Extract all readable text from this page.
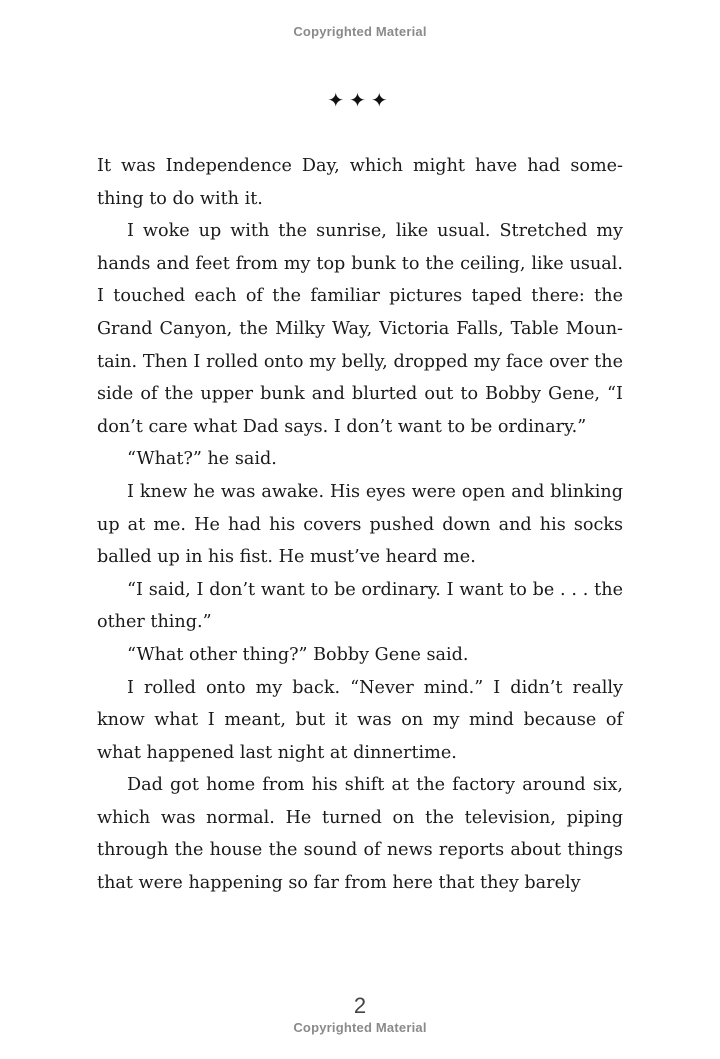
Copyrighted Material
✦✦✦

It was Independence Day, which might have had something to do with it.

I woke up with the sunrise, like usual. Stretched my hands and feet from my top bunk to the ceiling, like usual. I touched each of the familiar pictures taped there: the Grand Canyon, the Milky Way, Victoria Falls, Table Mountain. Then I rolled onto my belly, dropped my face over the side of the upper bunk and blurted out to Bobby Gene, “I don’t care what Dad says. I don’t want to be ordinary.”

“What?” he said.

I knew he was awake. His eyes were open and blinking up at me. He had his covers pushed down and his socks balled up in his fist. He must’ve heard me.

“I said, I don’t want to be ordinary. I want to be . . . the other thing.”

“What other thing?” Bobby Gene said.

I rolled onto my back. “Never mind.” I didn’t really know what I meant, but it was on my mind because of what happened last night at dinnertime.

Dad got home from his shift at the factory around six, which was normal. He turned on the television, piping through the house the sound of news reports about things that were happening so far from here that they barely

2
Copyrighted Material
